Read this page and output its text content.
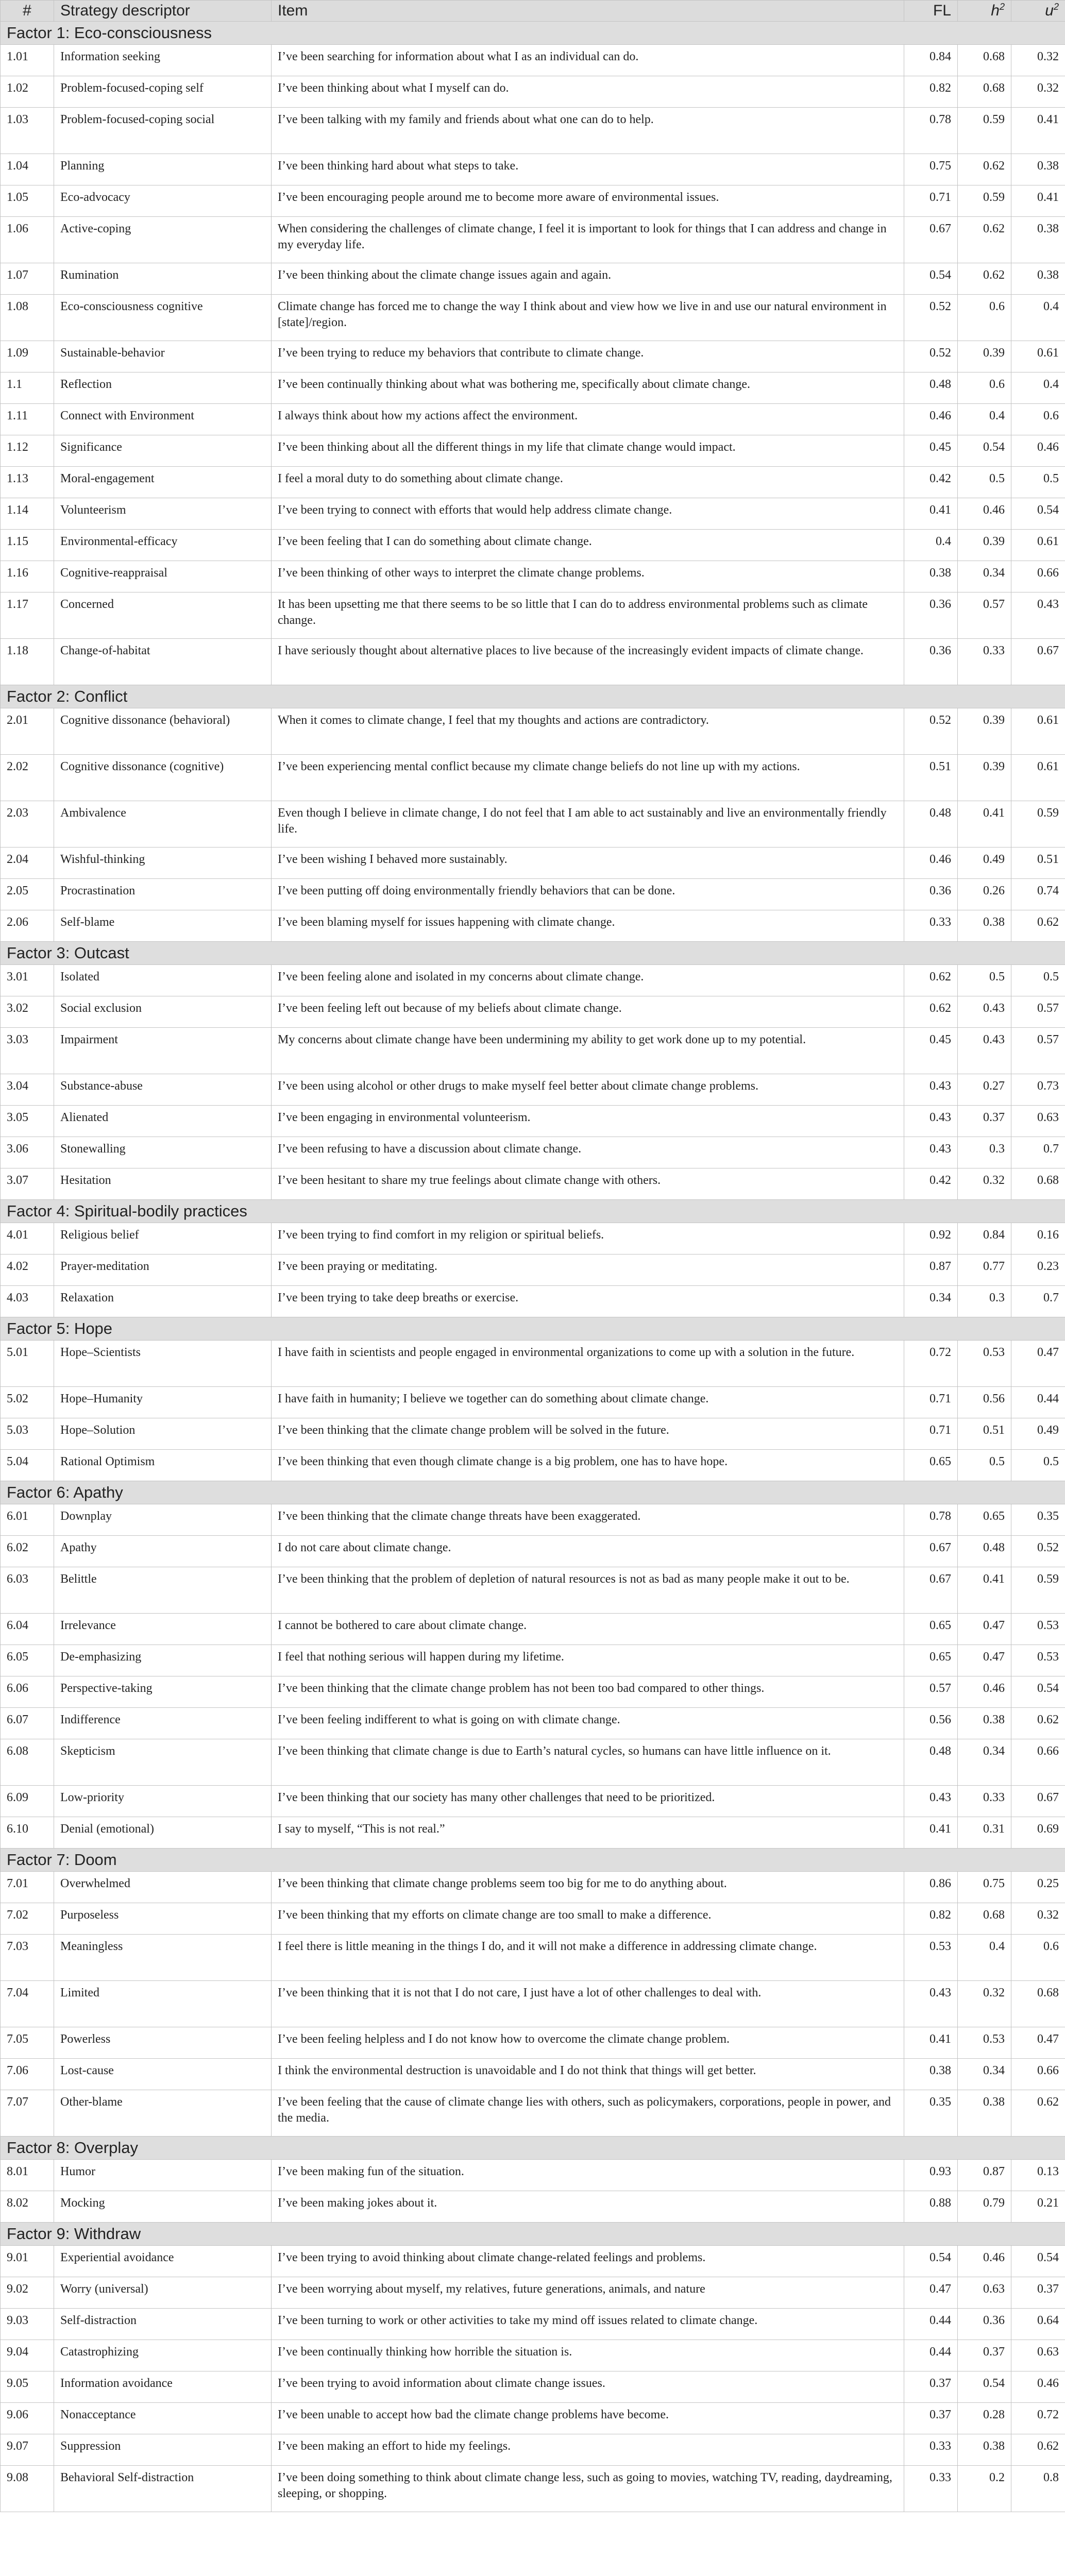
#	Strategy descriptor	Item	FL	$h^2$	$u^2$
Factor 1: Eco-consciousness					
1.01	Information seeking	I’ve been searching for information about what I as an individual can do.	0.84	0.68	0.32
1.02	Problem-focused-coping self	I’ve been thinking about what I myself can do.	0.82	0.68	0.32
1.03	Problem-focused-coping social	I’ve been talking with my family and friends about what one can do to help.	0.78	0.59	0.41
1.04	Planning	I’ve been thinking hard about what steps to take.	0.75	0.62	0.38
1.05	Eco-advocacy	I’ve been encouraging people around me to become more aware of environmental issues.	0.71	0.59	0.41
1.06	Active-coping	When considering the challenges of climate change, I feel it is important to look for things that I can address and change in my everyday life.	0.67	0.62	0.38
1.07	Rumination	I’ve been thinking about the climate change issues again and again.	0.54	0.62	0.38
1.08	Eco-consciousness cognitive	Climate change has forced me to change the way I think about and view how we live in and use our natural environment in [state]/region.	0.52	0.6	0.4
1.09	Sustainable-behavior	I’ve been trying to reduce my behaviors that contribute to climate change.	0.52	0.39	0.61
1.1	Reflection	I’ve been continually thinking about what was bothering me, specifically about climate change.	0.48	0.6	0.4
1.11	Connect with Environment	I always think about how my actions affect the environment.	0.46	0.4	0.6
1.12	Significance	I’ve been thinking about all the different things in my life that climate change would impact.	0.45	0.54	0.46
1.13	Moral-engagement	I feel a moral duty to do something about climate change.	0.42	0.5	0.5
1.14	Volunteerism	I’ve been trying to connect with efforts that would help address climate change.	0.41	0.46	0.54
1.15	Environmental-efficacy	I’ve been feeling that I can do something about climate change.	0.4	0.39	0.61
1.16	Cognitive-reappraisal	I’ve been thinking of other ways to interpret the climate change problems.	0.38	0.34	0.66
1.17	Concerned	It has been upsetting me that there seems to be so little that I can do to address environmental problems such as climate change.	0.36	0.57	0.43
1.18	Change-of-habitat	I have seriously thought about alternative places to live because of the increasingly evident impacts of climate change.	0.36	0.33	0.67
Factor 2: Conflict					
2.01	Cognitive dissonance (behavioral)	When it comes to climate change, I feel that my thoughts and actions are contradictory.	0.52	0.39	0.61
2.02	Cognitive dissonance (cognitive)	I’ve been experiencing mental conflict because my climate change beliefs do not line up with my actions.	0.51	0.39	0.61
2.03	Ambivalence	Even though I believe in climate change, I do not feel that I am able to act sustainably and live an environmentally friendly life.	0.48	0.41	0.59
2.04	Wishful-thinking	I’ve been wishing I behaved more sustainably.	0.46	0.49	0.51
2.05	Procrastination	I’ve been putting off doing environmentally friendly behaviors that can be done.	0.36	0.26	0.74
2.06	Self-blame	I’ve been blaming myself for issues happening with climate change.	0.33	0.38	0.62
Factor 3: Outcast					
3.01	Isolated	I’ve been feeling alone and isolated in my concerns about climate change.	0.62	0.5	0.5
3.02	Social exclusion	I’ve been feeling left out because of my beliefs about climate change.	0.62	0.43	0.57
3.03	Impairment	My concerns about climate change have been undermining my ability to get work done up to my potential.	0.45	0.43	0.57
3.04	Substance-abuse	I’ve been using alcohol or other drugs to make myself feel better about climate change problems.	0.43	0.27	0.73
3.05	Alienated	I’ve been engaging in environmental volunteerism.	0.43	0.37	0.63
3.06	Stonewalling	I’ve been refusing to have a discussion about climate change.	0.43	0.3	0.7
3.07	Hesitation	I’ve been hesitant to share my true feelings about climate change with others.	0.42	0.32	0.68
Factor 4: Spiritual-bodily practices					
4.01	Religious belief	I’ve been trying to find comfort in my religion or spiritual beliefs.	0.92	0.84	0.16
4.02	Prayer-meditation	I’ve been praying or meditating.	0.87	0.77	0.23
4.03	Relaxation	I’ve been trying to take deep breaths or exercise.	0.34	0.3	0.7
Factor 5: Hope					
5.01	Hope–Scientists	I have faith in scientists and people engaged in environmental organizations to come up with a solution in the future.	0.72	0.53	0.47
5.02	Hope–Humanity	I have faith in humanity; I believe we together can do something about climate change.	0.71	0.56	0.44
5.03	Hope–Solution	I’ve been thinking that the climate change problem will be solved in the future.	0.71	0.51	0.49
5.04	Rational Optimism	I’ve been thinking that even though climate change is a big problem, one has to have hope.	0.65	0.5	0.5
Factor 6: Apathy					
6.01	Downplay	I’ve been thinking that the climate change threats have been exaggerated.	0.78	0.65	0.35
6.02	Apathy	I do not care about climate change.	0.67	0.48	0.52
6.03	Belittle	I’ve been thinking that the problem of depletion of natural resources is not as bad as many people make it out to be.	0.67	0.41	0.59
6.04	Irrelevance	I cannot be bothered to care about climate change.	0.65	0.47	0.53
6.05	De-emphasizing	I feel that nothing serious will happen during my lifetime.	0.65	0.47	0.53
6.06	Perspective-taking	I’ve been thinking that the climate change problem has not been too bad compared to other things.	0.57	0.46	0.54
6.07	Indifference	I’ve been feeling indifferent to what is going on with climate change.	0.56	0.38	0.62
6.08	Skepticism	I’ve been thinking that climate change is due to Earth’s natural cycles, so humans can have little influence on it.	0.48	0.34	0.66
6.09	Low-priority	I’ve been thinking that our society has many other challenges that need to be prioritized.	0.43	0.33	0.67
6.10	Denial (emotional)	I say to myself, “This is not real.”	0.41	0.31	0.69
Factor 7: Doom					
7.01	Overwhelmed	I’ve been thinking that climate change problems seem too big for me to do anything about.	0.86	0.75	0.25
7.02	Purposeless	I’ve been thinking that my efforts on climate change are too small to make a difference.	0.82	0.68	0.32
7.03	Meaningless	I feel there is little meaning in the things I do, and it will not make a difference in addressing climate change.	0.53	0.4	0.6
7.04	Limited	I’ve been thinking that it is not that I do not care, I just have a lot of other challenges to deal with.	0.43	0.32	0.68
7.05	Powerless	I’ve been feeling helpless and I do not know how to overcome the climate change problem.	0.41	0.53	0.47
7.06	Lost-cause	I think the environmental destruction is unavoidable and I do not think that things will get better.	0.38	0.34	0.66
7.07	Other-blame	I’ve been feeling that the cause of climate change lies with others, such as policymakers, corporations, people in power, and the media.	0.35	0.38	0.62
Factor 8: Overplay					
8.01	Humor	I’ve been making fun of the situation.	0.93	0.87	0.13
8.02	Mocking	I’ve been making jokes about it.	0.88	0.79	0.21
Factor 9: Withdraw					
9.01	Experiential avoidance	I’ve been trying to avoid thinking about climate change-related feelings and problems.	0.54	0.46	0.54
9.02	Worry (universal)	I’ve been worrying about myself, my relatives, future generations, animals, and nature	0.47	0.63	0.37
9.03	Self-distraction	I’ve been turning to work or other activities to take my mind off issues related to climate change.	0.44	0.36	0.64
9.04	Catastrophizing	I’ve been continually thinking how horrible the situation is.	0.44	0.37	0.63
9.05	Information avoidance	I’ve been trying to avoid information about climate change issues.	0.37	0.54	0.46
9.06	Nonacceptance	I’ve been unable to accept how bad the climate change problems have become.	0.37	0.28	0.72
9.07	Suppression	I’ve been making an effort to hide my feelings.	0.33	0.38	0.62
9.08	Behavioral Self-distraction	I’ve been doing something to think about climate change less, such as going to movies, watching TV, reading, daydreaming, sleeping, or shopping.	0.33	0.2	0.8
